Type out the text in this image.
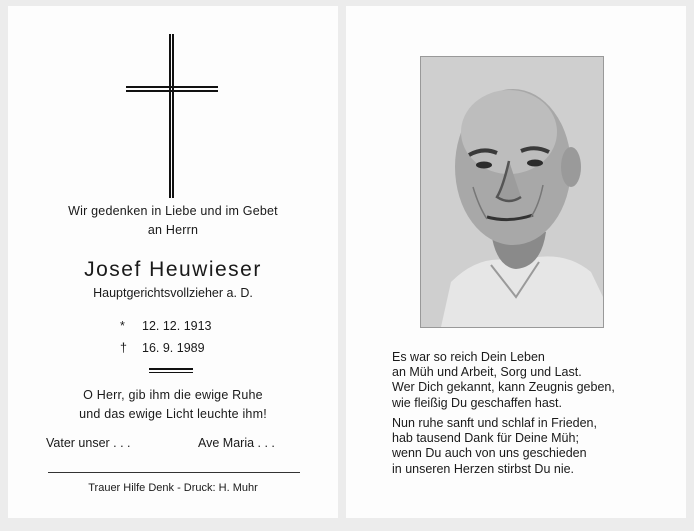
Wir gedenken in Liebe und im Gebet
an Herrn
Josef Heuwieser
Hauptgerichtsvollzieher a. D.
* 12. 12. 1913
† 16. 9. 1989
O Herr, gib ihm die ewige Ruhe
und das ewige Licht leuchte ihm!
Vater unser . . .	Ave Maria . . .
Trauer Hilfe Denk - Druck: H. Muhr
Es war so reich Dein Leben
an Müh und Arbeit, Sorg und Last.
Wer Dich gekannt, kann Zeugnis geben,
wie fleißig Du geschaffen hast.
Nun ruhe sanft und schlaf in Frieden,
hab tausend Dank für Deine Müh;
wenn Du auch von uns geschieden
in unseren Herzen stirbst Du nie.
